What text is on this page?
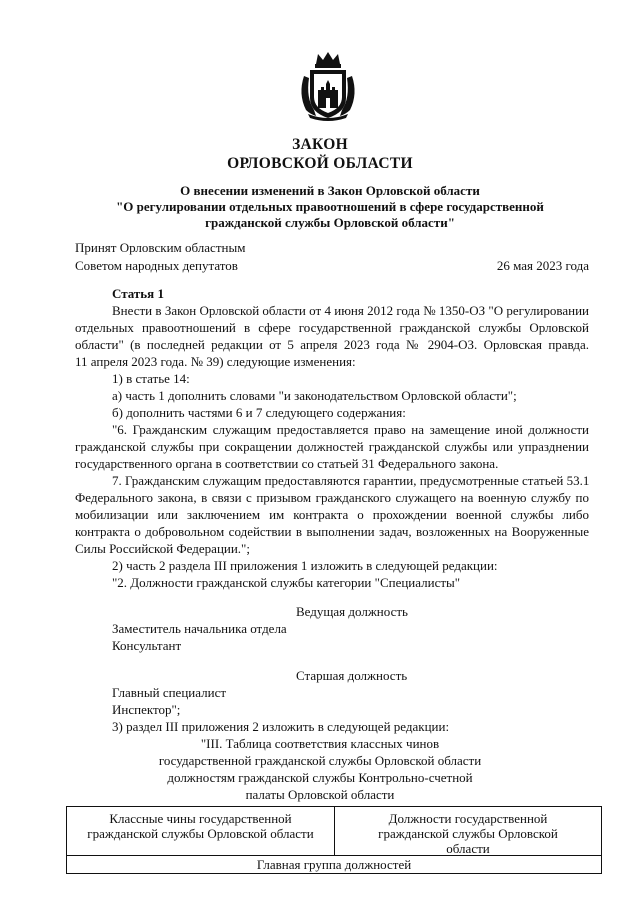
ЗАКОН
ОРЛОВСКОЙ ОБЛАСТИ
О внесении изменений в Закон Орловской области
"О регулировании отдельных правоотношений в сфере государственной
гражданской службы Орловской области"
Принят Орловским областным
Советом народных депутатов	26 мая 2023 года
Статья 1
Внести в Закон Орловской области от 4 июня 2012 года № 1350-ОЗ "О регулировании
отдельных правоотношений в сфере государственной гражданской службы Орловской
области" (в последней редакции от 5 апреля 2023 года № 2904-ОЗ. Орловская правда.
11 апреля 2023 года. № 39) следующие изменения:
1) в статье 14:
а) часть 1 дополнить словами "и законодательством Орловской области";
б) дополнить частями 6 и 7 следующего содержания:
"6. Гражданским служащим предоставляется право на замещение иной должности
гражданской службы при сокращении должностей гражданской службы или упразднении
государственного органа в соответствии со статьей 31 Федерального закона.
7. Гражданским служащим предоставляются гарантии, предусмотренные статьей 53.1
Федерального закона, в связи с призывом гражданского служащего на военную службу по
мобилизации или заключением им контракта о прохождении военной службы либо
контракта о добровольном содействии в выполнении задач, возложенных на Вооруженные
Силы Российской Федерации.";
2) часть 2 раздела III приложения 1 изложить в следующей редакции:
"2. Должности гражданской службы категории "Специалисты"
Ведущая должность
Заместитель начальника отдела
Консультант
Старшая должность
Главный специалист
Инспектор";
3) раздел III приложения 2 изложить в следующей редакции:
"III. Таблица соответствия классных чинов
Классные чины государственной
гражданской службы Орловской области
Должности государственной
гражданской службы Орловской
области
Главная группа должностей
государственной гражданской службы Орловской области
должностям гражданской службы Контрольно-счетной
палаты Орловской области
